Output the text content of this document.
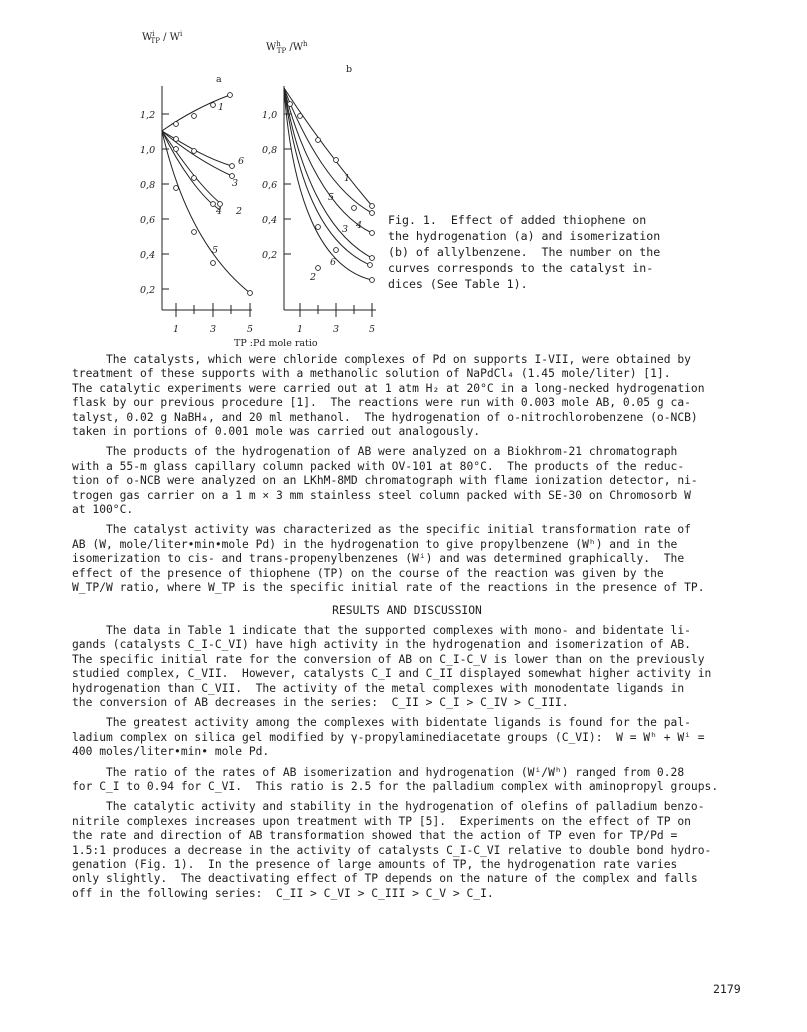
$W^i$ TP / $W^i$
$W^h$ TP $/W^h$
a
b
1,2
1,0
0,8
0,6
0,4
0,2
1	3	5
1,0
0,8
0,6
0,4
0,2
1	3	5
1
6
3
4 2
5
1
5
3 4
6
2
TP :Pd mole ratio
Fig. 1.  Effect of added thiophene on
the hydrogenation (a) and isomerization
(b) of allylbenzene.  The number on the
curves corresponds to the catalyst in-
dices (See Table 1).
The catalysts, which were chloride complexes of Pd on supports I-VII, were obtained by
treatment of these supports with a methanolic solution of NaPdCl₄ (1.45 mole/liter) [1].
The catalytic experiments were carried out at 1 atm H₂ at 20°C in a long-necked hydrogenation
flask by our previous procedure [1].  The reactions were run with 0.003 mole AB, 0.05 g ca-
talyst, 0.02 g NaBH₄, and 20 ml methanol.  The hydrogenation of o-nitrochlorobenzene (o-NCB)
taken in portions of 0.001 mole was carried out analogously.
The products of the hydrogenation of AB were analyzed on a Biokhrom-21 chromatograph
with a 55-m glass capillary column packed with OV-101 at 80°C.  The products of the reduc-
tion of o-NCB were analyzed on an LKhM-8MD chromatograph with flame ionization detector, ni-
trogen gas carrier on a 1 m × 3 mm stainless steel column packed with SE-30 on Chromosorb W
at 100°C.
The catalyst activity was characterized as the specific initial transformation rate of
AB (W, mole/liter•min•mole Pd) in the hydrogenation to give propylbenzene (Wʰ) and in the
isomerization to cis- and trans-propenylbenzenes (Wⁱ) and was determined graphically.  The
effect of the presence of thiophene (TP) on the course of the reaction was given by the
W_TP/W ratio, where W_TP is the specific initial rate of the reactions in the presence of TP.
RESULTS AND DISCUSSION
The data in Table 1 indicate that the supported complexes with mono- and bidentate li-
gands (catalysts C_I-C_VI) have high activity in the hydrogenation and isomerization of AB.
The specific initial rate for the conversion of AB on C_I-C_V is lower than on the previously
studied complex, C_VII.  However, catalysts C_I and C_II displayed somewhat higher activity in
hydrogenation than C_VII.  The activity of the metal complexes with monodentate ligands in
the conversion of AB decreases in the series:  C_II > C_I > C_IV > C_III.
The greatest activity among the complexes with bidentate ligands is found for the pal-
ladium complex on silica gel modified by γ-propylaminediacetate groups (C_VI):  W = Wʰ + Wⁱ =
400 moles/liter•min• mole Pd.
The ratio of the rates of AB isomerization and hydrogenation (Wⁱ/Wʰ) ranged from 0.28
for C_I to 0.94 for C_VI.  This ratio is 2.5 for the palladium complex with aminopropyl groups.
The catalytic activity and stability in the hydrogenation of olefins of palladium benzo-
nitrile complexes increases upon treatment with TP [5].  Experiments on the effect of TP on
the rate and direction of AB transformation showed that the action of TP even for TP/Pd =
1.5:1 produces a decrease in the activity of catalysts C_I-C_VI relative to double bond hydro-
genation (Fig. 1).  In the presence of large amounts of TP, the hydrogenation rate varies
only slightly.  The deactivating effect of TP depends on the nature of the complex and falls
off in the following series:  C_II > C_VI > C_III > C_V > C_I.
2179
